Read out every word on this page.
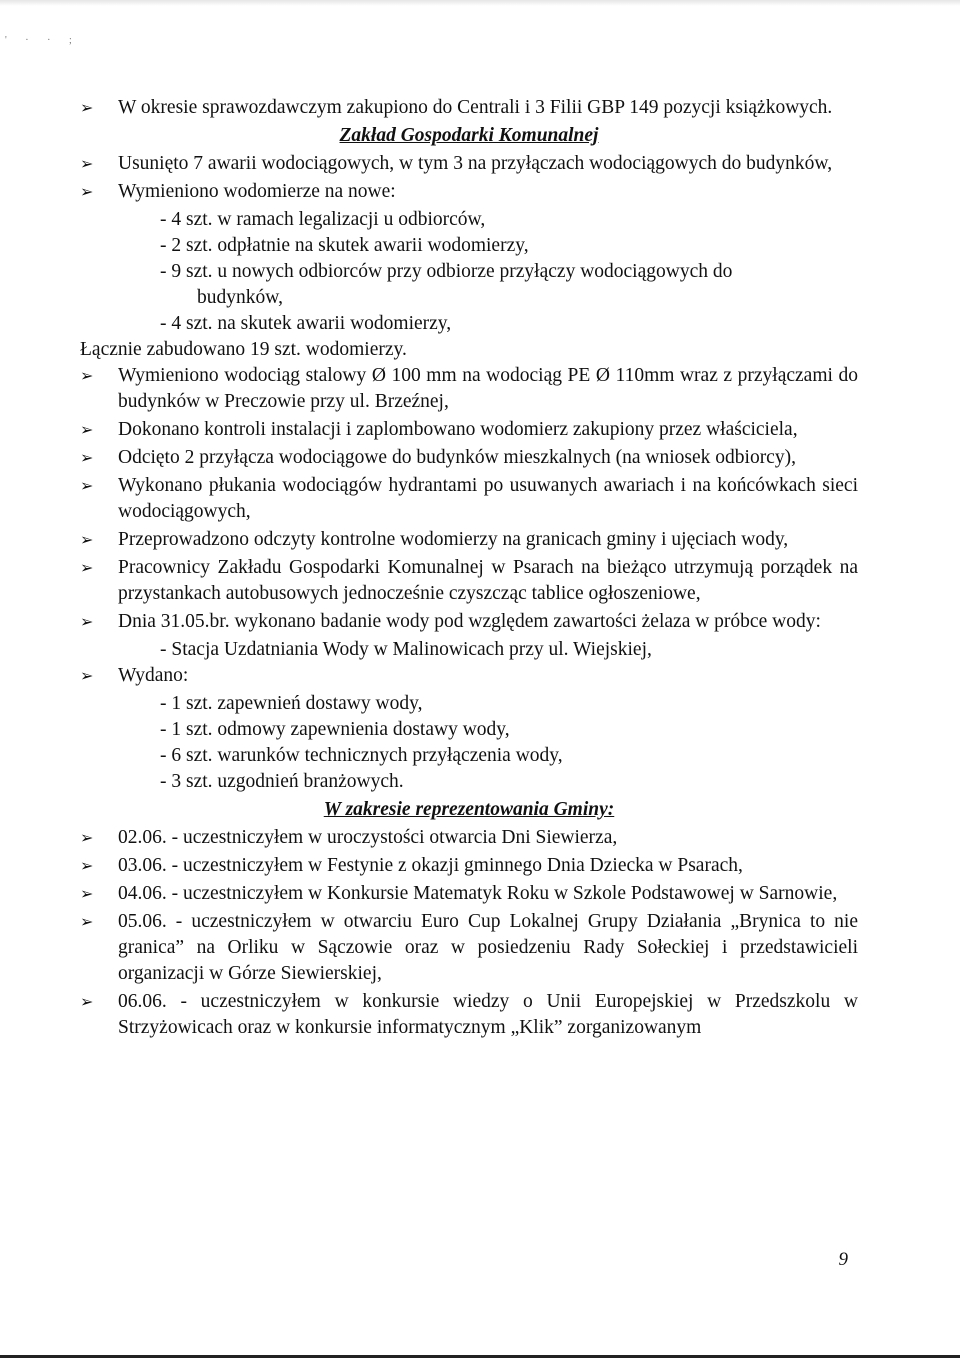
' · · ;
➢	W okresie sprawozdawczym zakupiono do Centrali i 3 Filii GBP 149 pozycji książkowych.
Zakład Gospodarki Komunalnej
➢	Usunięto 7 awarii wodociągowych, w tym 3 na przyłączach wodociągowych do budynków,
➢	Wymieniono wodomierze na nowe:
- 4 szt. w ramach legalizacji u odbiorców,
- 2 szt. odpłatnie na skutek awarii wodomierzy,
- 9 szt. u nowych odbiorców przy odbiorze przyłączy wodociągowych do
budynków,
- 4 szt. na skutek awarii wodomierzy,
Łącznie zabudowano 19 szt. wodomierzy.
➢	Wymieniono wodociąg stalowy Ø 100 mm na wodociąg PE Ø 110mm wraz z przyłączami do budynków w Preczowie przy ul. Brzeźnej,
➢	Dokonano kontroli instalacji i zaplombowano wodomierz zakupiony przez właściciela,
➢	Odcięto 2 przyłącza wodociągowe do budynków mieszkalnych (na wniosek odbiorcy),
➢	Wykonano płukania wodociągów hydrantami po usuwanych awariach i na końcówkach sieci wodociągowych,
➢	Przeprowadzono odczyty kontrolne wodomierzy na granicach gminy i ujęciach wody,
➢	Pracownicy Zakładu Gospodarki Komunalnej w Psarach na bieżąco utrzymują porządek na przystankach autobusowych jednocześnie czyszcząc tablice ogłoszeniowe,
➢	Dnia 31.05.br. wykonano badanie wody pod względem zawartości żelaza w próbce wody:
- Stacja Uzdatniania Wody w Malinowicach przy ul. Wiejskiej,
➢	Wydano:
- 1 szt. zapewnień dostawy wody,
- 1 szt. odmowy zapewnienia dostawy wody,
- 6 szt. warunków technicznych przyłączenia wody,
- 3 szt. uzgodnień branżowych.
W zakresie reprezentowania Gminy:
➢	02.06. - uczestniczyłem w uroczystości otwarcia Dni Siewierza,
➢	03.06. - uczestniczyłem w Festynie z okazji gminnego Dnia Dziecka w Psarach,
➢	04.06. - uczestniczyłem w Konkursie Matematyk Roku w Szkole Podstawowej w Sarnowie,
➢	05.06. - uczestniczyłem w otwarciu Euro Cup Lokalnej Grupy Działania „Brynica to nie granica” na Orliku w Sączowie oraz w posiedzeniu Rady Sołeckiej i przedstawicieli organizacji w Górze Siewierskiej,
➢	06.06. - uczestniczyłem w konkursie wiedzy o Unii Europejskiej w Przedszkolu w Strzyżowicach oraz w konkursie informatycznym „Klik” zorganizowanym
9
